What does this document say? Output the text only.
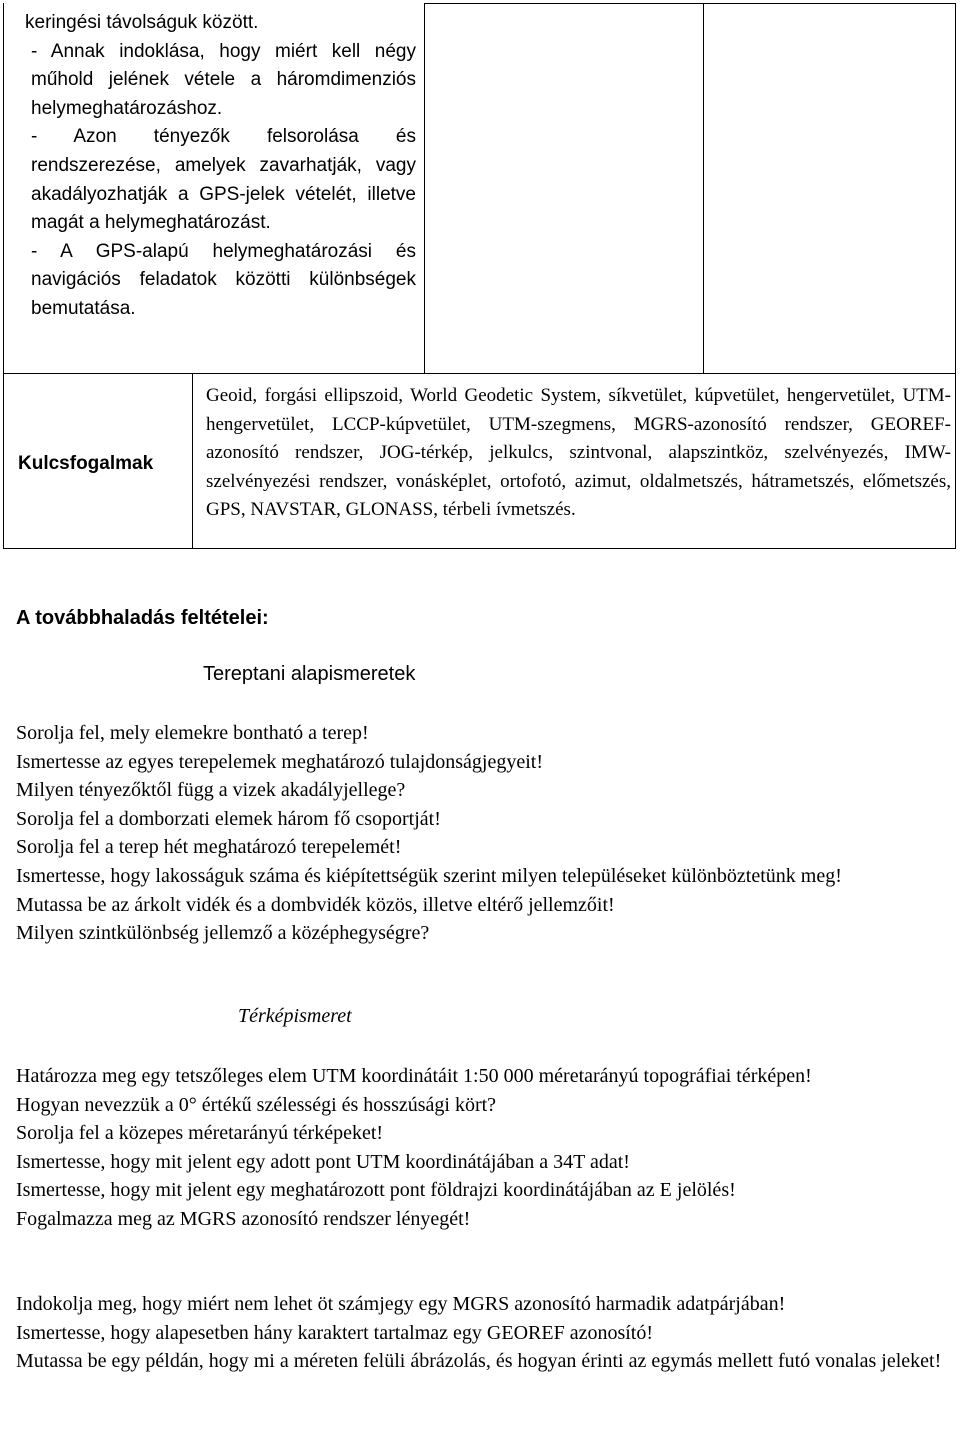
keringési távolságuk között.

- Annak indoklása, hogy miért kell négy műhold jelének vétele a háromdimenziós helymeghatározáshoz.

- Azon tényezők felsorolása és rendszerezése, amelyek zavarhatják, vagy akadályozhatják a GPS-jelek vételét, illetve magát a helymeghatározást.

- A GPS-alapú helymeghatározási és navigációs feladatok közötti különbségek bemutatása.

Kulcsfogalmak
Geoid, forgási ellipszoid, World Geodetic System, síkvetület, kúpvetület, hengervetület, UTM-hengervetület, LCCP-kúpvetület, UTM-szegmens, MGRS-azonosító rendszer, GEOREF-azonosító rendszer, JOG-térkép, jelkulcs, szintvonal, alapszintköz, szelvényezés, IMW-szelvényezési rendszer, vonásképlet, ortofotó, azimut, oldalmetszés, hátrametszés, előmetszés, GPS, NAVSTAR, GLONASS, térbeli ívmetszés.
A továbbhaladás feltételei:
Tereptani alapismeretek

Sorolja fel, mely elemekre bontható a terep!

Ismertesse az egyes terepelemek meghatározó tulajdonságjegyeit!

Milyen tényezőktől függ a vizek akadályjellege?

Sorolja fel a domborzati elemek három fő csoportját!

Sorolja fel a terep hét meghatározó terepelemét!

Ismertesse, hogy lakosságuk száma és kiépítettségük szerint milyen településeket különböztetünk meg!

Mutassa be az árkolt vidék és a dombvidék közös, illetve eltérő jellemzőit!

Milyen szintkülönbség jellemző a középhegységre?

Térképismeret

Határozza meg egy tetszőleges elem UTM koordinátáit 1:50 000 méretarányú topográfiai térképen!

Hogyan nevezzük a 0° értékű szélességi és hosszúsági kört?

Sorolja fel a közepes méretarányú térképeket!

Ismertesse, hogy mit jelent egy adott pont UTM koordinátájában a 34T adat!

Ismertesse, hogy mit jelent egy meghatározott pont földrajzi koordinátájában az E jelölés!

Fogalmazza meg az MGRS azonosító rendszer lényegét!

Indokolja meg, hogy miért nem lehet öt számjegy egy MGRS azonosító harmadik adatpárjában!

Ismertesse, hogy alapesetben hány karaktert tartalmaz egy GEOREF azonosító!

Mutassa be egy példán, hogy mi a méreten felüli ábrázolás, és hogyan érinti az egymás mellett futó vonalas jeleket!
